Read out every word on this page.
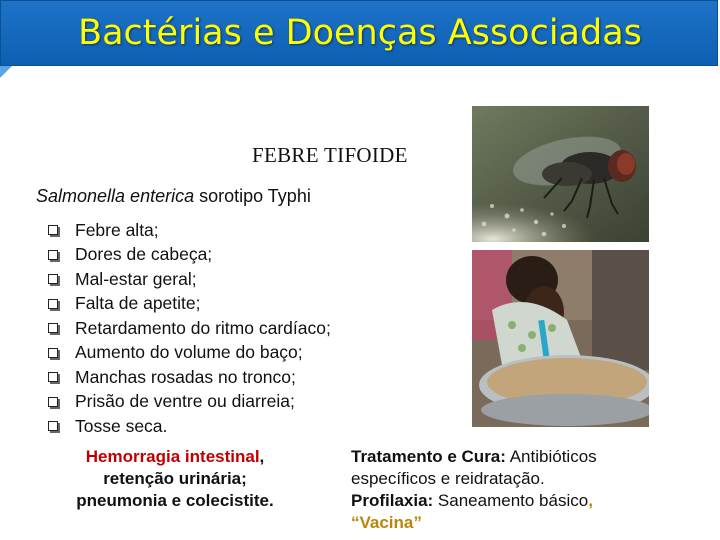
Bactérias e Doenças Associadas
FEBRE TIFOIDE
Salmonella enterica sorotipo Typhi
Febre alta;
Dores de cabeça;
Mal-estar geral;
Falta de apetite;
Retardamento do ritmo cardíaco;
Aumento do volume do baço;
Manchas rosadas no tronco;
Prisão de ventre ou diarreia;
Tosse seca.
Hemorragia intestinal,
retenção urinária;
pneumonia e colecistite.
Tratamento e Cura: Antibióticos
específicos e reidratação.
Profilaxia: Saneamento básico,
“Vacina”
